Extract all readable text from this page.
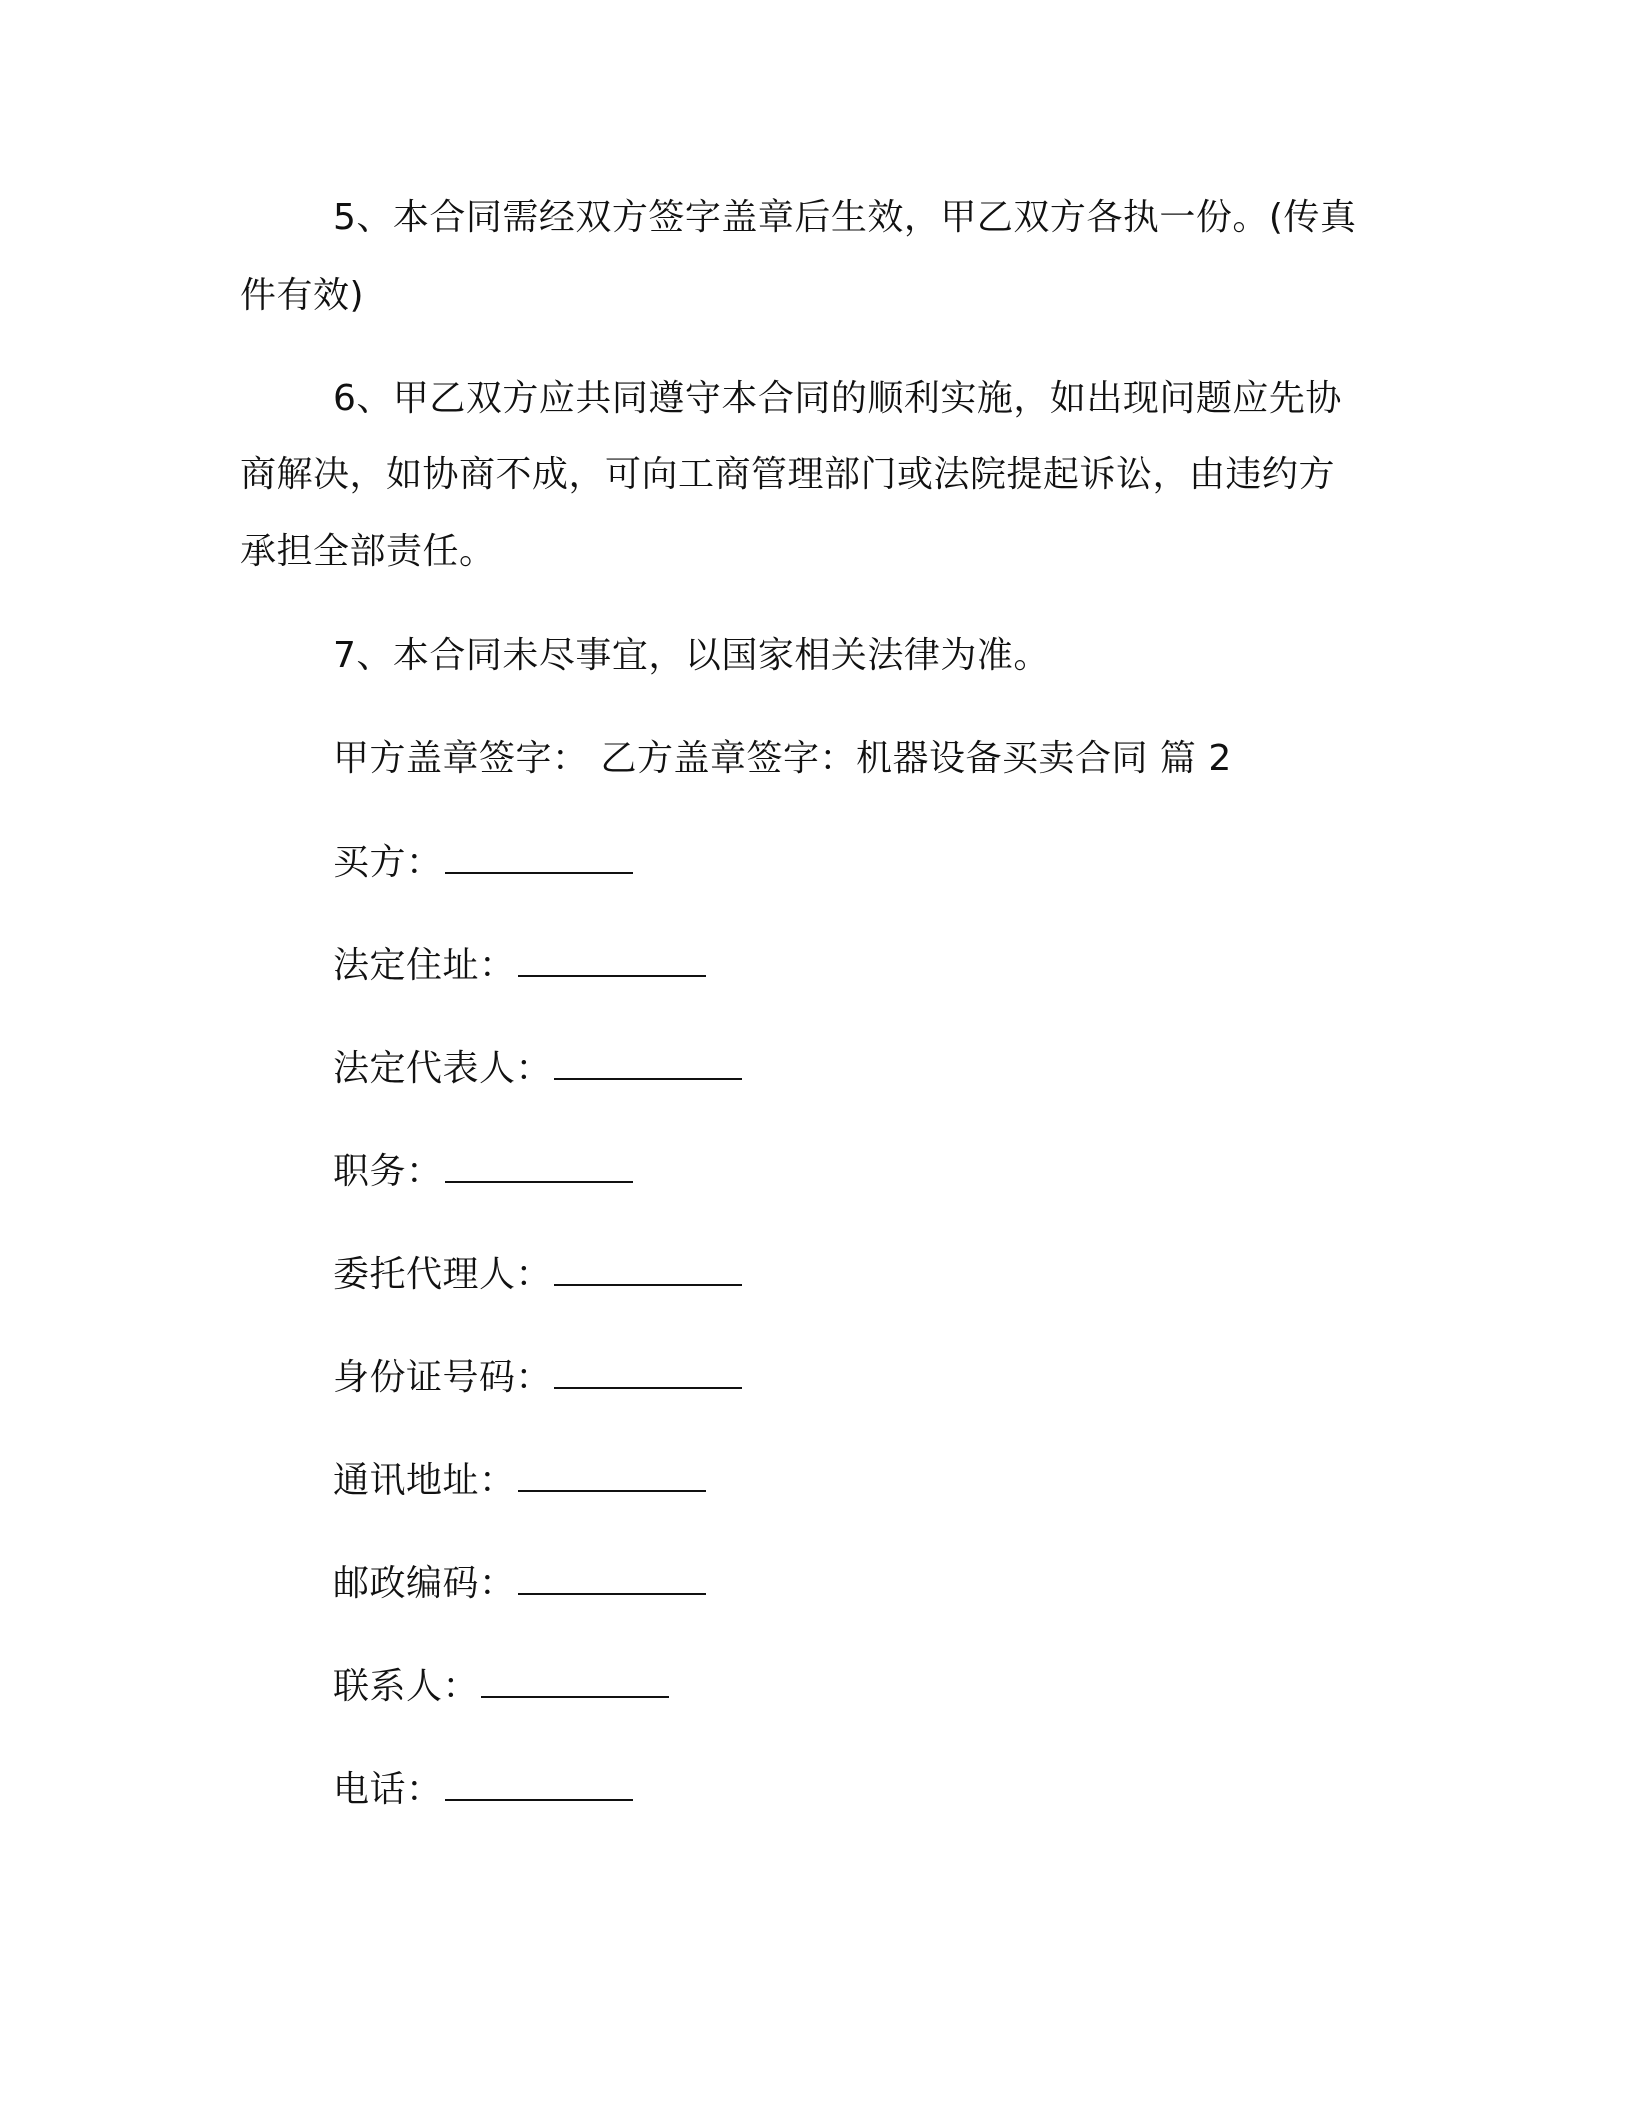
5、本合同需经双方签字盖章后生效，甲乙双方各执一份。(传真
件有效)
6、甲乙双方应共同遵守本合同的顺利实施，如出现问题应先协
商解决，如协商不成，可向工商管理部门或法院提起诉讼，由违约方
承担全部责任。
7、本合同未尽事宜，以国家相关法律为准。
甲方盖章签字： 乙方盖章签字：机器设备买卖合同 篇 2
买方：
法定住址：
法定代表人：
职务：
委托代理人：
身份证号码：
通讯地址：
邮政编码：
联系人：
电话：
